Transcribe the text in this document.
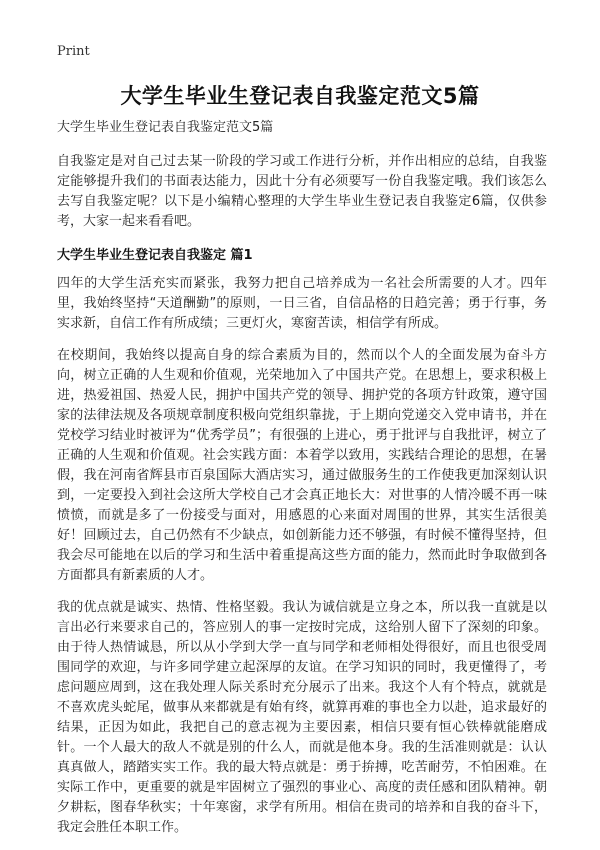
Print
大学生毕业生登记表自我鉴定范文5篇

大学生毕业生登记表自我鉴定范文5篇

自我鉴定是对自己过去某一阶段的学习或工作进行分析，并作出相应的总结，自我鉴定能够提升我们的书面表达能力，因此十分有必须要写一份自我鉴定哦。我们该怎么去写自我鉴定呢？以下是小编精心整理的大学生毕业生登记表自我鉴定6篇，仅供参考，大家一起来看看吧。

大学生毕业生登记表自我鉴定 篇1

四年的大学生活充实而紧张，我努力把自己培养成为一名社会所需要的人才。四年里，我始终坚持“天道酬勤”的原则，一日三省，自信品格的日趋完善；勇于行事，务实求新，自信工作有所成绩；三更灯火，寒窗苦读，相信学有所成。

在校期间，我始终以提高自身的综合素质为目的，然而以个人的全面发展为奋斗方向，树立正确的人生观和价值观，光荣地加入了中国共产党。在思想上，要求积极上进，热爱祖国、热爱人民，拥护中国共产党的领导、拥护党的各项方针政策，遵守国家的法律法规及各项规章制度积极向党组织靠拢，于上期向党递交入党申请书，并在党校学习结业时被评为“优秀学员”；有很强的上进心，勇于批评与自我批评，树立了正确的人生观和价值观。社会实践方面：本着学以致用，实践结合理论的思想，在暑假，我在河南省辉县市百泉国际大酒店实习，通过做服务生的工作使我更加深刻认识到，一定要投入到社会这所大学校自己才会真正地长大：对世事的人情冷暖不再一味愤愤，而就是多了一份接受与面对，用感恩的心来面对周围的世界，其实生活很美好！回顾过去，自己仍然有不少缺点，如创新能力还不够强，有时候不懂得坚持，但我会尽可能地在以后的学习和生活中着重提高这些方面的能力，然而此时争取做到各方面都具有新素质的人才。

我的优点就是诚实、热情、性格坚毅。我认为诚信就是立身之本，所以我一直就是以言出必行来要求自己的，答应别人的事一定按时完成，这给别人留下了深刻的印象。由于待人热情诚恳，所以从小学到大学一直与同学和老师相处得很好，而且也很受周围同学的欢迎，与许多同学建立起深厚的友谊。在学习知识的同时，我更懂得了，考虑问题应周到，这在我处理人际关系时充分展示了出来。我这个人有个特点，就就是不喜欢虎头蛇尾，做事从来都就是有始有终，就算再难的事也全力以赴，追求最好的结果，正因为如此，我把自己的意志视为主要因素，相信只要有恒心铁棒就能磨成针。一个人最大的敌人不就是别的什么人，而就是他本身。我的生活准则就是：认认真真做人，踏踏实实工作。我的最大特点就是：勇于拚搏，吃苦耐劳，不怕困难。在实际工作中，更重要的就是牢固树立了强烈的事业心、高度的责任感和团队精神。朝夕耕耘，图春华秋实；十年寒窗，求学有所用。相信在贵司的培养和自我的奋斗下，我定会胜任本职工作。
